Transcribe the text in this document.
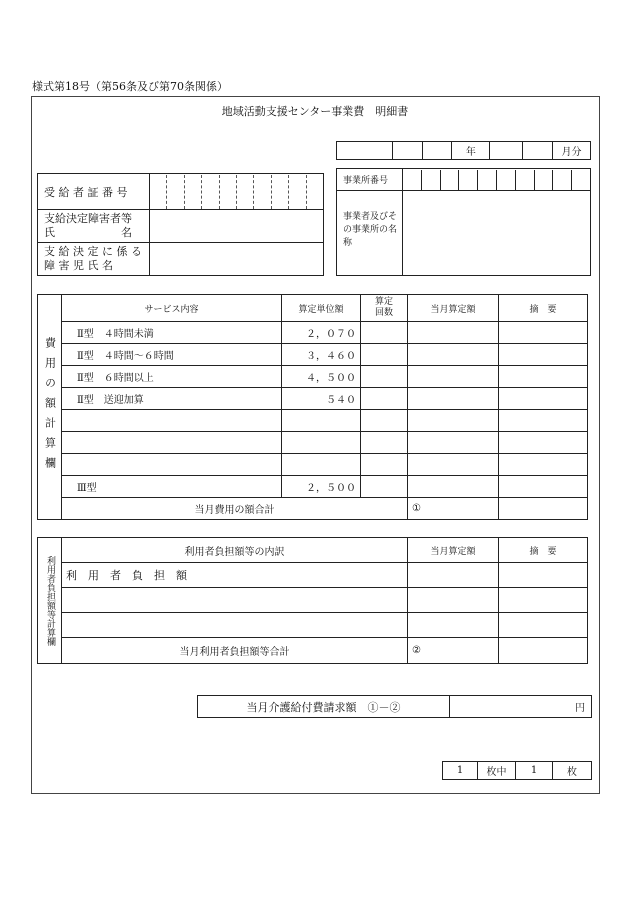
様式第18号（第56条及び第70条関係）
地域活動支援センター事業費　明細書
			年			月分
受 給 者 証 番 号	

支給決定障害者等
氏　　　　　　名	

支 給 決 定 に 係 る
障 害 児 氏 名	

事業所番号	

事業者及びその事業所の名称	
費用の額計算欄	サービス内容	算定単位額	算定回数	当月算定額	摘　要
	Ⅱ型　４時間未満	２，０７０			
	Ⅱ型　４時間～６時間	３，４６０			
	Ⅱ型　６時間以上	４，５００			
	Ⅱ型　送迎加算	５４０			

	Ⅲ型	２，５００			
	当月費用の額合計			①	
利用者負担額等計算欄	利用者負担額等の内訳	当月算定額	摘　要
	利　用　者　負　担　額		

	当月利用者負担額等合計	②	
当月介護給付費請求額　①－②	円
1	枚中	1	枚
